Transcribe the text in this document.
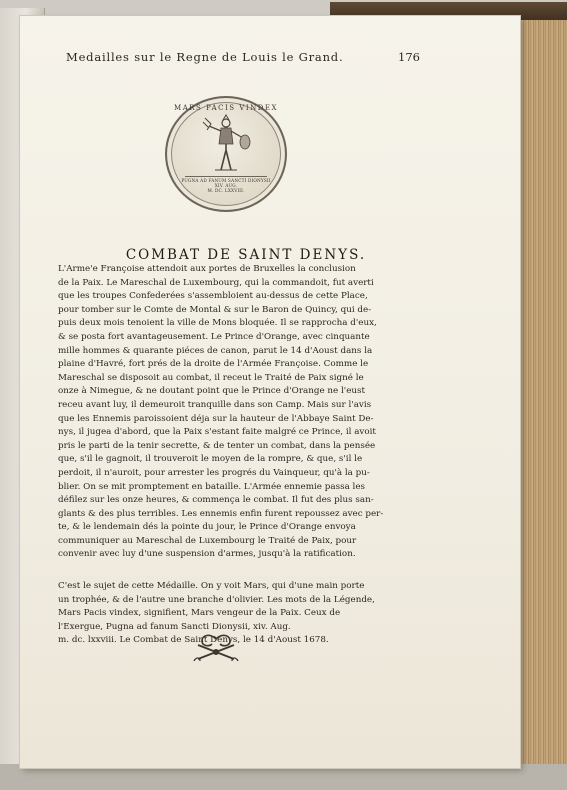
Medailles sur le Regne de Louis le Grand.	176
MARS PACIS VINDEX
PUGNA AD FANUM SANCTI DIONYSII
XIV. AUG.
M. DC. LXXVIII.
COMBAT DE SAINT DENYS.
L'Arme'e Françoise attendoit aux portes de Bruxelles la conclusion
de la Paix. Le Mareschal de Luxembourg, qui la commandoit, fut averti
que les troupes Confederées s'assembloient au-dessus de cette Place,
pour tomber sur le Comte de Montal & sur le Baron de Quincy, qui de-
puis deux mois tenoient la ville de Mons bloquée. Il se rapprocha d'eux,
& se posta fort avantageusement. Le Prince d'Orange, avec cinquante
mille hommes & quarante piéces de canon, parut le 14 d'Aoust dans la
plaine d'Havré, fort prés de la droite de l'Armée Françoise. Comme le
Mareschal se disposoit au combat, il receut le Traité de Paix signé le
onze à Nimegue, & ne doutant point que le Prince d'Orange ne l'eust
receu avant luy, il demeuroit tranquille dans son Camp. Mais sur l'avis
que les Ennemis paroissoient déja sur la hauteur de l'Abbaye Saint De-
nys, il jugea d'abord, que la Paix s'estant faite malgré ce Prince, il avoit
pris le parti de la tenir secrette, & de tenter un combat, dans la pensée
que, s'il le gagnoit, il trouveroit le moyen de la rompre, & que, s'il le
perdoit, il n'auroit, pour arrester les progrés du Vainqueur, qu'à la pu-
blier. On se mit promptement en bataille. L'Armée ennemie passa les
défilez sur les onze heures, & commença le combat. Il fut des plus san-
glants & des plus terribles. Les ennemis enfin furent repoussez avec per-
te, & le lendemain dés la pointe du jour, le Prince d'Orange envoya
communiquer au Mareschal de Luxembourg le Traité de Paix, pour
convenir avec luy d'une suspension d'armes, jusqu'à la ratification.
C'est le sujet de cette Médaille. On y voit Mars, qui d'une main porte
un trophée, & de l'autre une branche d'olivier. Les mots de la Légende,
Mars Pacis vindex, signifient, Mars vengeur de la Paix. Ceux de
l'Exergue, Pugna ad fanum Sancti Dionysii, xiv. Aug.
m. dc. lxxviii. Le Combat de Saint Denys, le 14 d'Aoust 1678.
